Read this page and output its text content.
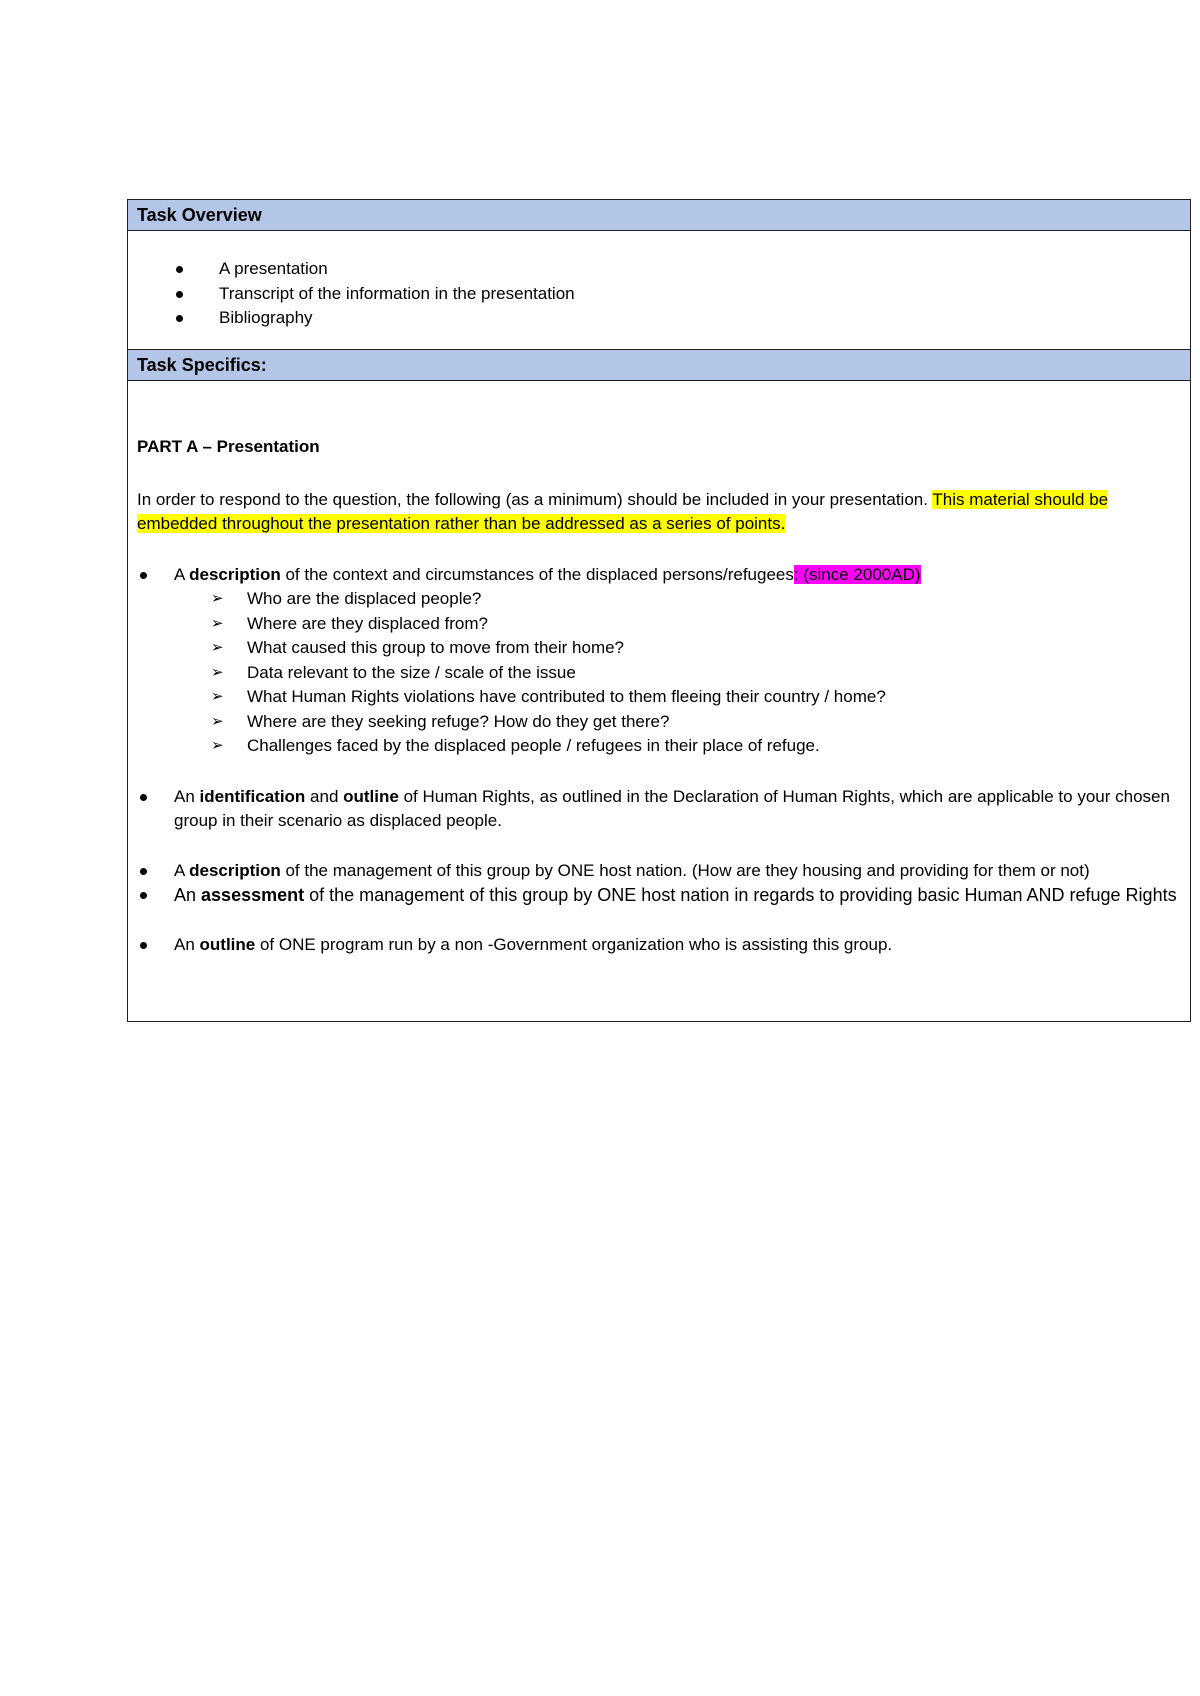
Task Overview

A presentation
Transcript of the information in the presentation
Bibliography

Task Specifics:

PART A – Presentation

In order to respond to the question, the following (as a minimum) should be included in your presentation. This material should be embedded throughout the presentation rather than be addressed as a series of points.

A description of the context and circumstances of the displaced persons/refugees: (since 2000AD)
➢ Who are the displaced people?
➢ Where are they displaced from?
➢ What caused this group to move from their home?
➢ Data relevant to the size / scale of the issue
➢ What Human Rights violations have contributed to them fleeing their country / home?
➢ Where are they seeking refuge? How do they get there?
➢ Challenges faced by the displaced people / refugees in their place of refuge.
An identification and outline of Human Rights, as outlined in the Declaration of Human Rights, which are applicable to your chosen group in their scenario as displaced people.
A description of the management of this group by ONE host nation. (How are they housing and providing for them or not)
An assessment of the management of this group by ONE host nation in regards to providing basic Human AND refuge Rights
An outline of ONE program run by a non -Government organization who is assisting this group.
